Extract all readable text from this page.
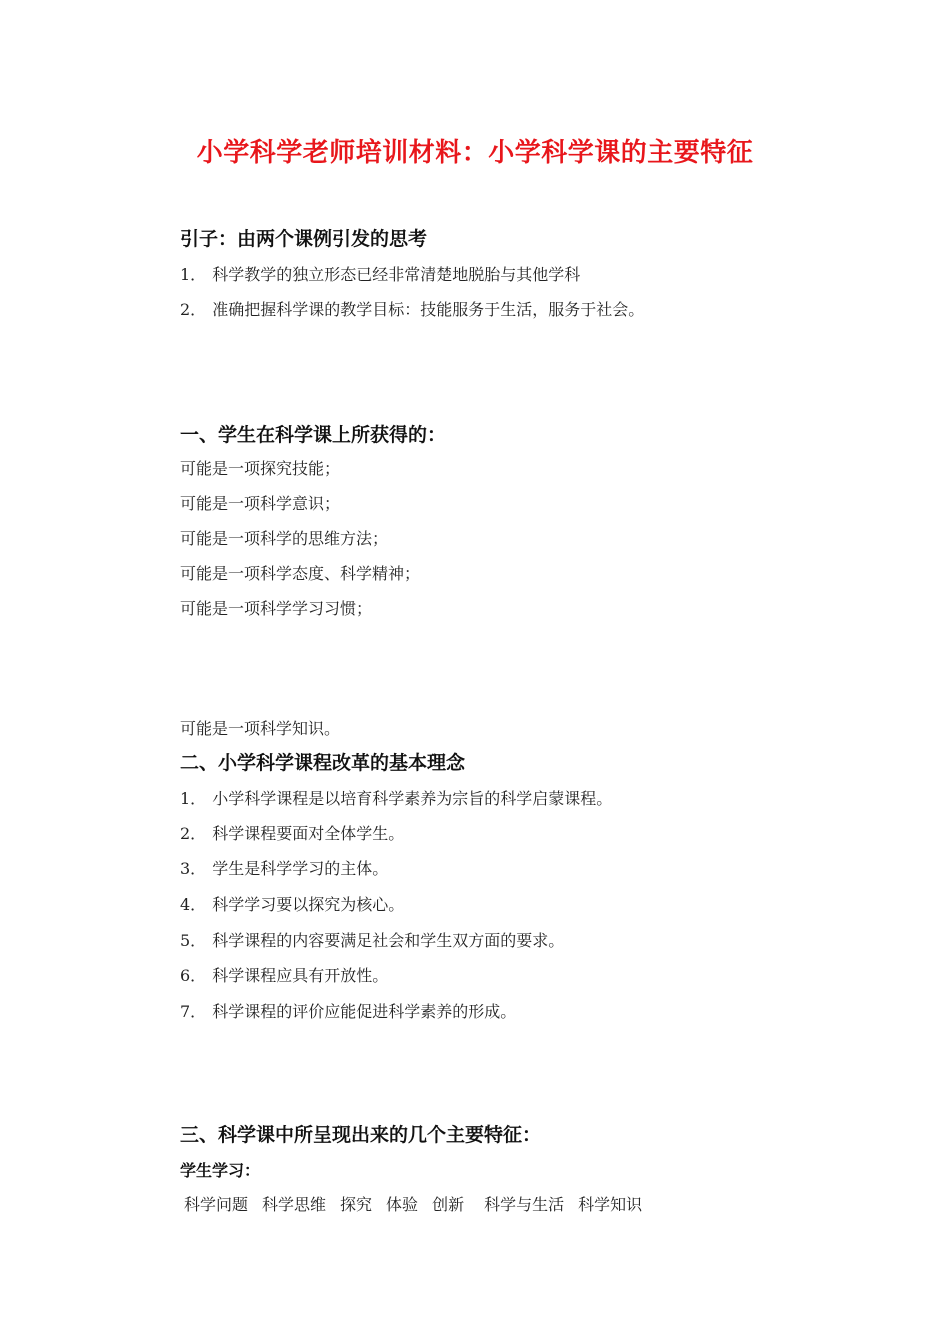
小学科学老师培训材料：小学科学课的主要特征
引子：由两个课例引发的思考
1． 科学教学的独立形态已经非常清楚地脱胎与其他学科
2． 准确把握科学课的教学目标：技能服务于生活，服务于社会。
一、学生在科学课上所获得的：
可能是一项探究技能；
可能是一项科学意识；
可能是一项科学的思维方法；
可能是一项科学态度、科学精神；
可能是一项科学学习习惯；
可能是一项科学知识。
二、小学科学课程改革的基本理念
1． 小学科学课程是以培育科学素养为宗旨的科学启蒙课程。
2． 科学课程要面对全体学生。
3． 学生是科学学习的主体。
4． 科学学习要以探究为核心。
5． 科学课程的内容要满足社会和学生双方面的要求。
6． 科学课程应具有开放性。
7． 科学课程的评价应能促进科学素养的形成。
三、科学课中所呈现出来的几个主要特征：
学生学习：
科学问题 科学思维 探究 体验 创新 科学与生活 科学知识
